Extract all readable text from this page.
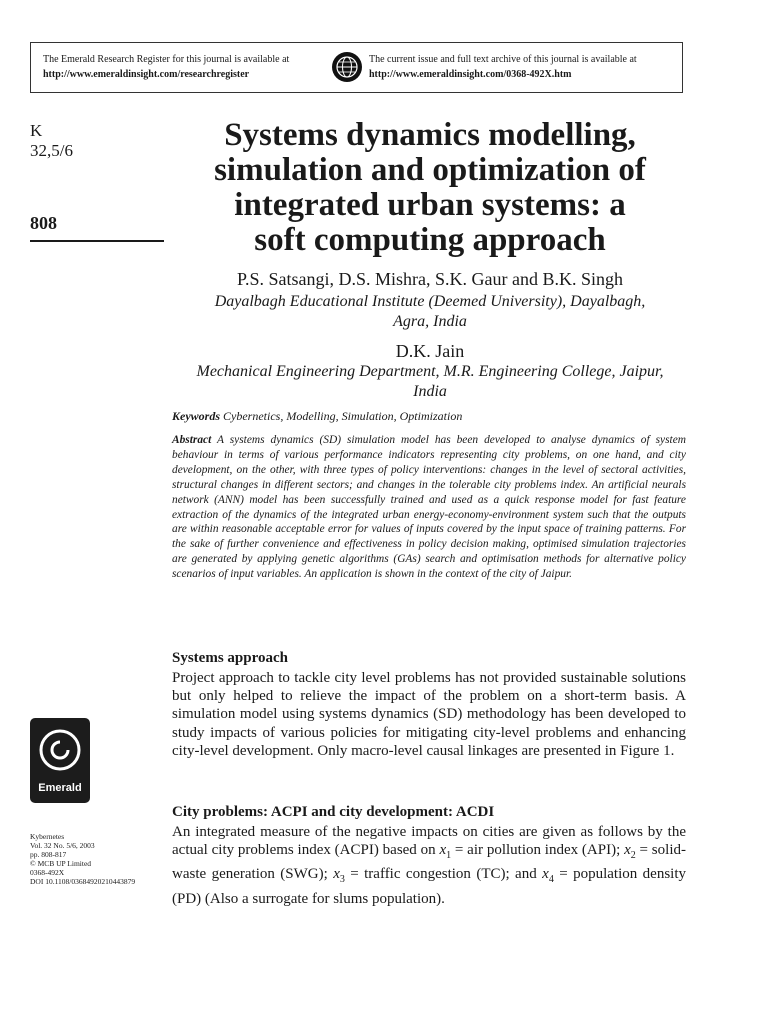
The Emerald Research Register for this journal is available at
http://www.emeraldinsight.com/researchregister
The current issue and full text archive of this journal is available at
http://www.emeraldinsight.com/0368-492X.htm
K
32,5/6
808
Emerald
Kybernetes
Vol. 32 No. 5/6, 2003
pp. 808-817
© MCB UP Limited
0368-492X
DOI 10.1108/03684920210443879
Systems dynamics modelling,
simulation and optimization of
integrated urban systems: a
soft computing approach
P.S. Satsangi, D.S. Mishra, S.K. Gaur and B.K. Singh
Dayalbagh Educational Institute (Deemed University), Dayalbagh,
Agra, India
D.K. Jain
Mechanical Engineering Department, M.R. Engineering College, Jaipur,
India
Keywords Cybernetics, Modelling, Simulation, Optimization
Abstract A systems dynamics (SD) simulation model has been developed to analyse dynamics of system behaviour in terms of various performance indicators representing city problems, on one hand, and city development, on the other, with three types of policy interventions: changes in the level of sectoral activities, structural changes in different sectors; and changes in the tolerable city problems index. An artificial neurals network (ANN) model has been successfully trained and used as a quick response model for fast feature extraction of the dynamics of the integrated urban energy-economy-environment system such that the outputs are within reasonable acceptable error for values of inputs covered by the input space of training patterns. For the sake of further convenience and effectiveness in policy decision making, optimised simulation trajectories are generated by applying genetic algorithms (GAs) search and optimisation methods for alternative policy scenarios of input variables. An application is shown in the context of the city of Jaipur.
Systems approach
Project approach to tackle city level problems has not provided sustainable solutions but only helped to relieve the impact of the problem on a short-term basis. A simulation model using systems dynamics (SD) methodology has been developed to study impacts of various policies for mitigating city-level problems and enhancing city-level development. Only macro-level causal linkages are presented in Figure 1.
City problems: ACPI and city development: ACDI
An integrated measure of the negative impacts on cities are given as follows by the actual city problems index (ACPI) based on $x_1$ = air pollution index (API); $x_2$ = solid-waste generation (SWG); $x_3$ = traffic congestion (TC); and $x_4$ = population density (PD) (Also a surrogate for slums population).
